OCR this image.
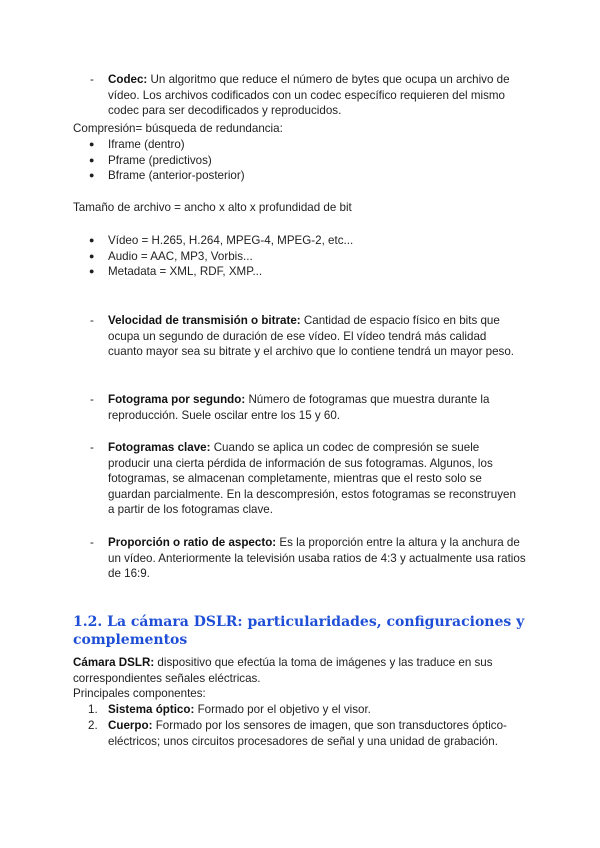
- Codec: Un algoritmo que reduce el número de bytes que ocupa un archivo de vídeo. Los archivos codificados con un codec específico requieren del mismo codec para ser decodificados y reproducidos.
Compresión= búsqueda de redundancia:
● Iframe (dentro)
● Pframe (predictivos)
● Bframe (anterior-posterior)
Tamaño de archivo = ancho x alto x profundidad de bit
● Vídeo = H.265, H.264, MPEG-4, MPEG-2, etc...
● Audio = AAC, MP3, Vorbis...
● Metadata = XML, RDF, XMP...
- Velocidad de transmisión o bitrate: Cantidad de espacio físico en bits que ocupa un segundo de duración de ese vídeo. El vídeo tendrá más calidad cuanto mayor sea su bitrate y el archivo que lo contiene tendrá un mayor peso.
- Fotograma por segundo: Número de fotogramas que muestra durante la reproducción. Suele oscilar entre los 15 y 60.
- Fotogramas clave: Cuando se aplica un codec de compresión se suele producir una cierta pérdida de información de sus fotogramas. Algunos, los fotogramas, se almacenan completamente, mientras que el resto solo se guardan parcialmente. En la descompresión, estos fotogramas se reconstruyen a partir de los fotogramas clave.
- Proporción o ratio de aspecto: Es la proporción entre la altura y la anchura de un vídeo. Anteriormente la televisión usaba ratios de 4:3 y actualmente usa ratios de 16:9.
1.2. La cámara DSLR: particularidades, configuraciones y complementos
Cámara DSLR: dispositivo que efectúa la toma de imágenes y las traduce en sus correspondientes señales eléctricas.
Principales componentes:
1. Sistema óptico: Formado por el objetivo y el visor.
2. Cuerpo: Formado por los sensores de imagen, que son transductores óptico-eléctricos; unos circuitos procesadores de señal y una unidad de grabación.
